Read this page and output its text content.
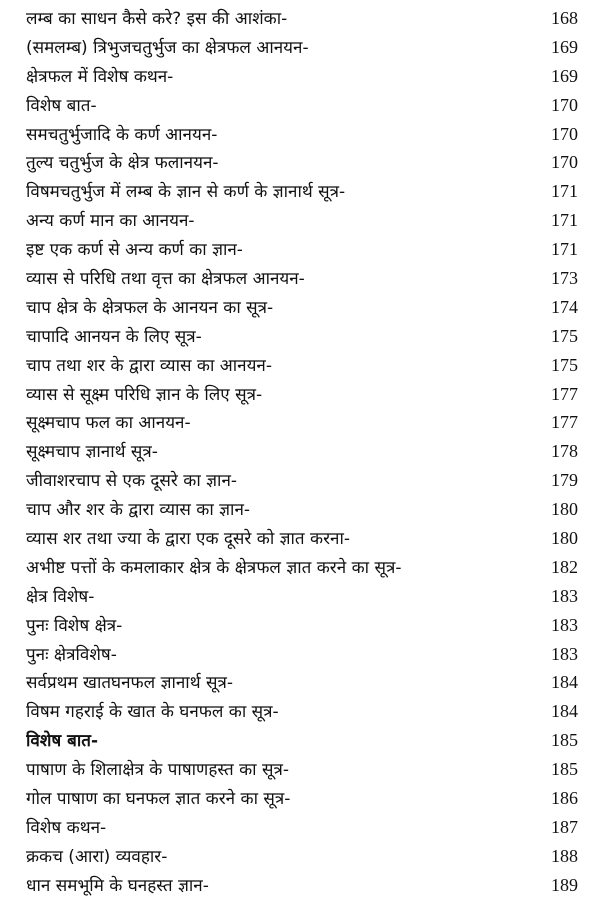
लम्ब का साधन कैसे करे? इस की आशंका-	168
(समलम्ब) त्रिभुजचतुर्भुज का क्षेत्रफल आनयन-	169
क्षेत्रफल में विशेष कथन-	169
विशेष बात-	170
समचतुर्भुजादि के कर्ण आनयन-	170
तुल्य चतुर्भुज के क्षेत्र फलानयन-	170
विषमचतुर्भुज में लम्ब के ज्ञान से कर्ण के ज्ञानार्थ सूत्र-	171
अन्य कर्ण मान का आनयन-	171
इष्ट एक कर्ण से अन्य कर्ण का ज्ञान-	171
व्यास से परिधि तथा वृत्त का क्षेत्रफल आनयन-	173
चाप क्षेत्र के क्षेत्रफल के आनयन का सूत्र-	174
चापादि आनयन के लिए सूत्र-	175
चाप तथा शर के द्वारा व्यास का आनयन-	175
व्यास से सूक्ष्म परिधि ज्ञान के लिए सूत्र-	177
सूक्ष्मचाप फल का आनयन-	177
सूक्ष्मचाप ज्ञानार्थ सूत्र-	178
जीवाशरचाप से एक दूसरे का ज्ञान-	179
चाप और शर के द्वारा व्यास का ज्ञान-	180
व्यास शर तथा ज्या के द्वारा एक दूसरे को ज्ञात करना-	180
अभीष्ट पत्तों के कमलाकार क्षेत्र के क्षेत्रफल ज्ञात करने का सूत्र-	182
क्षेत्र विशेष-	183
पुनः विशेष क्षेत्र-	183
पुनः क्षेत्रविशेष-	183
सर्वप्रथम खातघनफल ज्ञानार्थ सूत्र-	184
विषम गहराई के खात के घनफल का सूत्र-	184
विशेष बात-	185
पाषाण के शिलाक्षेत्र के पाषाणहस्त का सूत्र-	185
गोल पाषाण का घनफल ज्ञात करने का सूत्र-	186
विशेष कथन-	187
क्रकच (आरा) व्यवहार-	188
धान समभूमि के घनहस्त ज्ञान-	189
